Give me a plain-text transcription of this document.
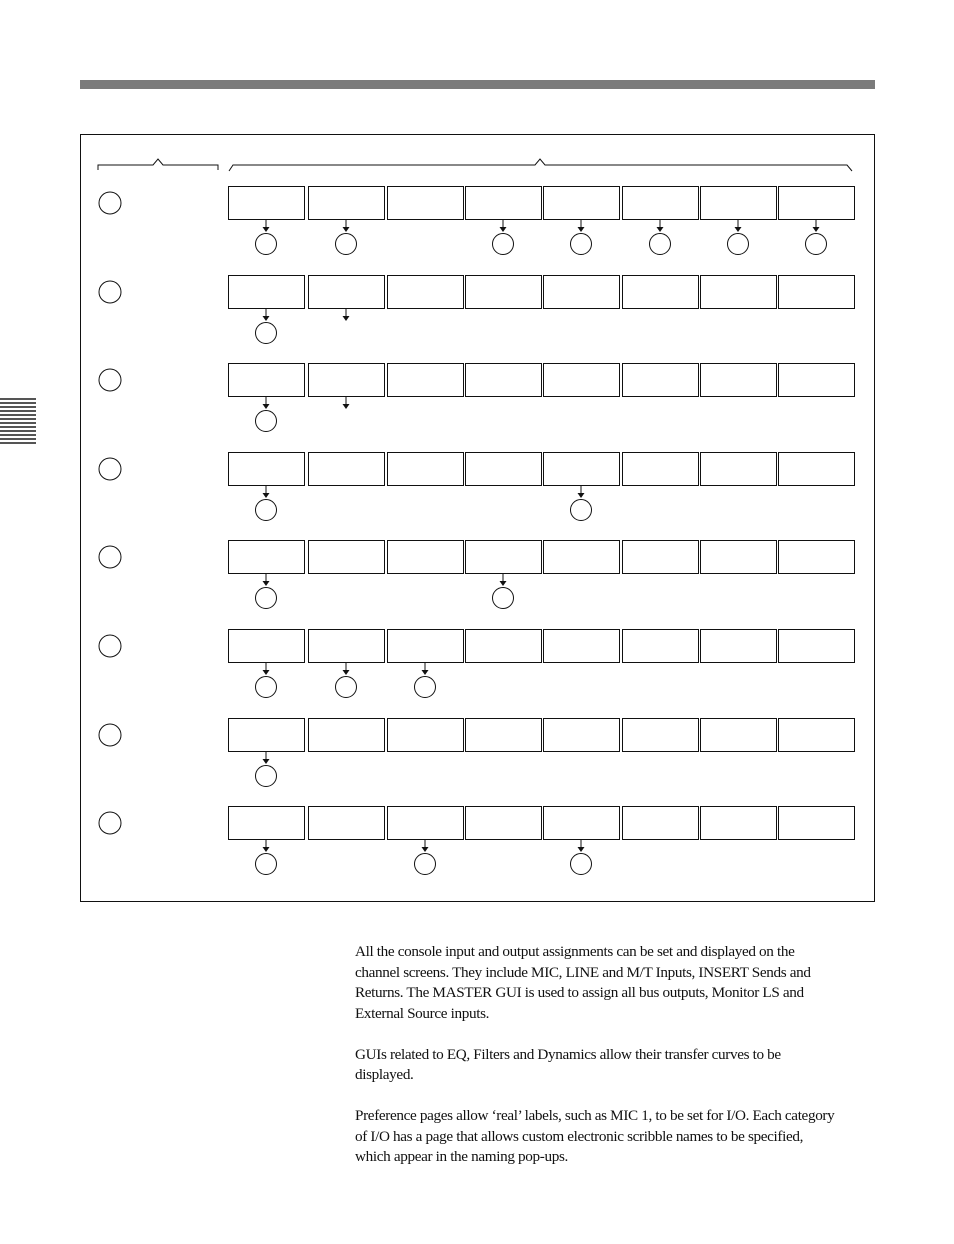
All the console input and output assignments can be set and displayed on the channel screens. They include MIC, LINE and M/T Inputs, INSERT Sends and Returns. The MASTER GUI is used to assign all bus outputs, Monitor LS and External Source inputs.

GUIs related to EQ, Filters and Dynamics allow their transfer curves to be displayed.

Preference pages allow ‘real’ labels, such as MIC 1, to be set for I/O. Each category of I/O has a page that allows custom electronic scribble names to be specified, which appear in the naming pop-ups.
